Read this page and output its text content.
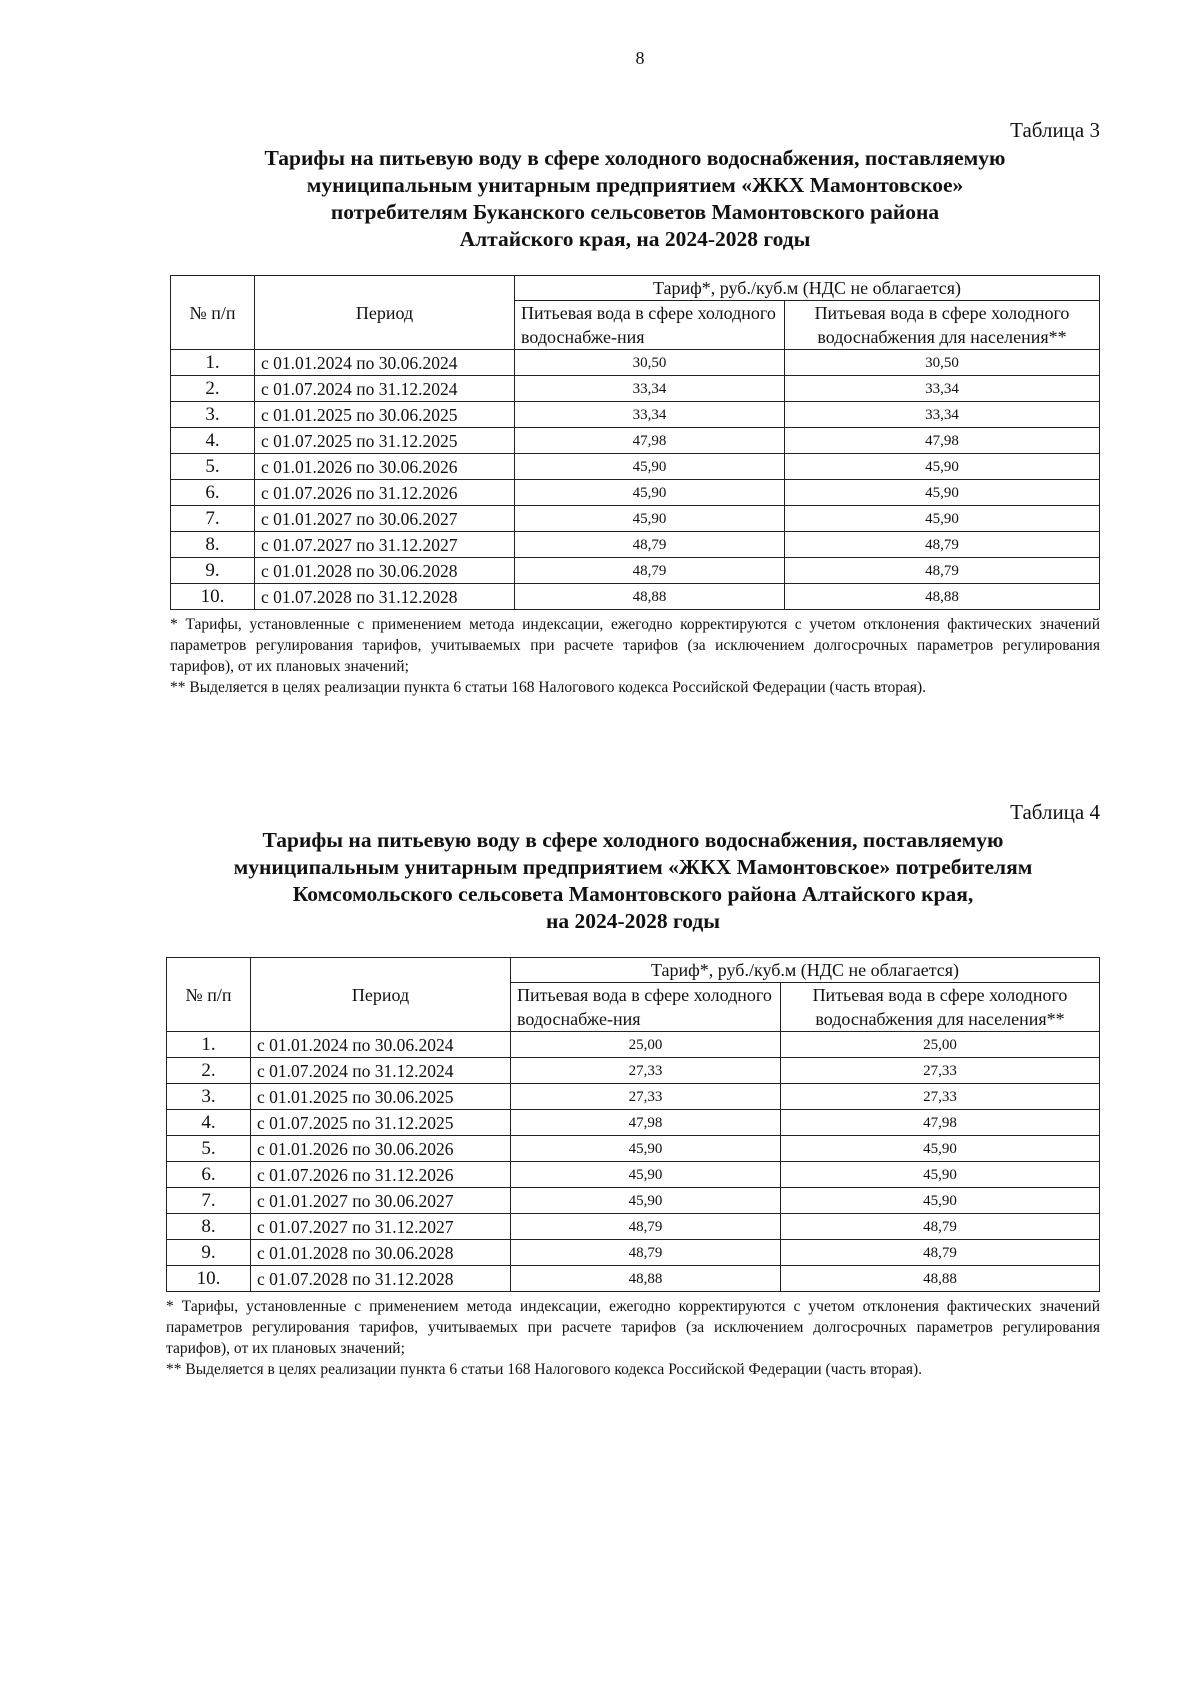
8

Таблица 3

Тарифы на питьевую воду в сфере холодного водоснабжения, поставляемую
муниципальным унитарным предприятием «ЖКХ Мамонтовское»
потребителям Буканского сельсоветов Мамонтовского района
Алтайского края, на 2024-2028 годы
№ п/п	Период	Тариф*, руб./куб.м (НДС не облагается)	
		Питьевая вода в сфере холодного водоснабже-ния	Питьевая вода в сфере холодного водоснабжения для населения**
1.	с 01.01.2024 по 30.06.2024	30,50	30,50
2.	с 01.07.2024 по 31.12.2024	33,34	33,34
3.	с 01.01.2025 по 30.06.2025	33,34	33,34
4.	с 01.07.2025 по 31.12.2025	47,98	47,98
5.	с 01.01.2026 по 30.06.2026	45,90	45,90
6.	с 01.07.2026 по 31.12.2026	45,90	45,90
7.	с 01.01.2027 по 30.06.2027	45,90	45,90
8.	с 01.07.2027 по 31.12.2027	48,79	48,79
9.	с 01.01.2028 по 30.06.2028	48,79	48,79
10.	с 01.07.2028 по 31.12.2028	48,88	48,88

* Тарифы, установленные с применением метода индексации, ежегодно корректируются с учетом отклонения фактических значений параметров регулирования тарифов, учитываемых при расчете тарифов (за исключением долгосрочных параметров регулирования тарифов), от их плановых значений;

** Выделяется в целях реализации пункта 6 статьи 168 Налогового кодекса Российской Федерации (часть вторая).

Таблица 4

Тарифы на питьевую воду в сфере холодного водоснабжения, поставляемую
муниципальным унитарным предприятием «ЖКХ Мамонтовское» потребителям
Комсомольского сельсовета Мамонтовского района Алтайского края,
на 2024-2028 годы
№ п/п	Период	Тариф*, руб./куб.м (НДС не облагается)	
		Питьевая вода в сфере холодного водоснабже-ния	Питьевая вода в сфере холодного водоснабжения для населения**
1.	с 01.01.2024 по 30.06.2024	25,00	25,00
2.	с 01.07.2024 по 31.12.2024	27,33	27,33
3.	с 01.01.2025 по 30.06.2025	27,33	27,33
4.	с 01.07.2025 по 31.12.2025	47,98	47,98
5.	с 01.01.2026 по 30.06.2026	45,90	45,90
6.	с 01.07.2026 по 31.12.2026	45,90	45,90
7.	с 01.01.2027 по 30.06.2027	45,90	45,90
8.	с 01.07.2027 по 31.12.2027	48,79	48,79
9.	с 01.01.2028 по 30.06.2028	48,79	48,79
10.	с 01.07.2028 по 31.12.2028	48,88	48,88

* Тарифы, установленные с применением метода индексации, ежегодно корректируются с учетом отклонения фактических значений параметров регулирования тарифов, учитываемых при расчете тарифов (за исключением долгосрочных параметров регулирования тарифов), от их плановых значений;

** Выделяется в целях реализации пункта 6 статьи 168 Налогового кодекса Российской Федерации (часть вторая).
